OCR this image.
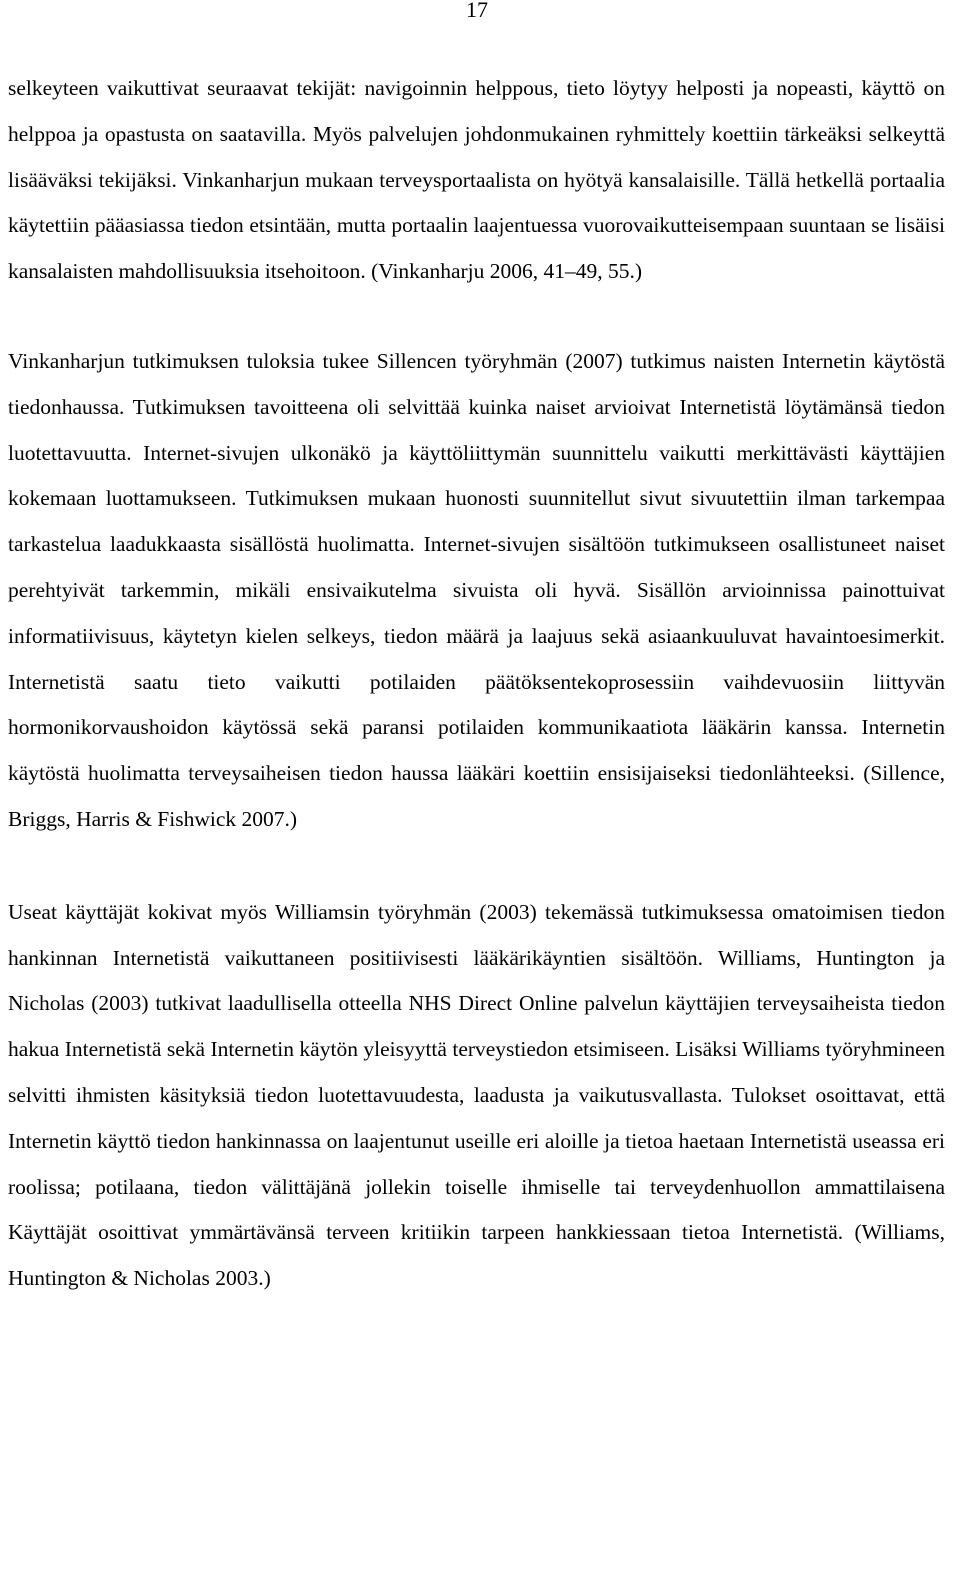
17

selkeyteen vaikuttivat seuraavat tekijät: navigoinnin helppous, tieto löytyy helposti ja nopeasti, käyttö on helppoa ja opastusta on saatavilla. Myös palvelujen johdonmukainen ryhmittely koettiin tärkeäksi selkeyttä lisääväksi tekijäksi. Vinkanharjun mukaan terveysportaalista on hyötyä kansalaisille. Tällä hetkellä portaalia käytettiin pääasiassa tiedon etsintään, mutta portaalin laajentuessa vuorovaikutteisempaan suuntaan se lisäisi kansalaisten mahdollisuuksia itsehoitoon. (Vinkanharju 2006, 41–49, 55.)

Vinkanharjun tutkimuksen tuloksia tukee Sillencen työryhmän (2007) tutkimus naisten Internetin käytöstä tiedonhaussa. Tutkimuksen tavoitteena oli selvittää kuinka naiset arvioivat Internetistä löytämänsä tiedon luotettavuutta. Internet-sivujen ulkonäkö ja käyttöliittymän suunnittelu vaikutti merkittävästi käyttäjien kokemaan luottamukseen. Tutkimuksen mukaan huonosti suunnitellut sivut sivuutettiin ilman tarkempaa tarkastelua laadukkaasta sisällöstä huolimatta. Internet-sivujen sisältöön tutkimukseen osallistuneet naiset perehtyivät tarkemmin, mikäli ensivaikutelma sivuista oli hyvä. Sisällön arvioinnissa painottuivat informatiivisuus, käytetyn kielen selkeys, tiedon määrä ja laajuus sekä asiaankuuluvat havaintoesimerkit. Internetistä saatu tieto vaikutti potilaiden päätöksentekoprosessiin vaihdevuosiin liittyvän hormonikorvaushoidon käytössä sekä paransi potilaiden kommunikaatiota lääkärin kanssa. Internetin käytöstä huolimatta terveysaiheisen tiedon haussa lääkäri koettiin ensisijaiseksi tiedonlähteeksi. (Sillence, Briggs, Harris & Fishwick 2007.)

Useat käyttäjät kokivat myös Williamsin työryhmän (2003) tekemässä tutkimuksessa omatoimisen tiedon hankinnan Internetistä vaikuttaneen positiivisesti lääkärikäyntien sisältöön. Williams, Huntington ja Nicholas (2003) tutkivat laadullisella otteella NHS Direct Online palvelun käyttäjien terveysaiheista tiedon hakua Internetistä sekä Internetin käytön yleisyyttä terveystiedon etsimiseen. Lisäksi Williams työryhmineen selvitti ihmisten käsityksiä tiedon luotettavuudesta, laadusta ja vaikutusvallasta. Tulokset osoittavat, että Internetin käyttö tiedon hankinnassa on laajentunut useille eri aloille ja tietoa haetaan Internetistä useassa eri roolissa; potilaana, tiedon välittäjänä jollekin toiselle ihmiselle tai terveydenhuollon ammattilaisena Käyttäjät osoittivat ymmärtävänsä terveen kritiikin tarpeen hankkiessaan tietoa Internetistä. (Williams, Huntington & Nicholas 2003.)
